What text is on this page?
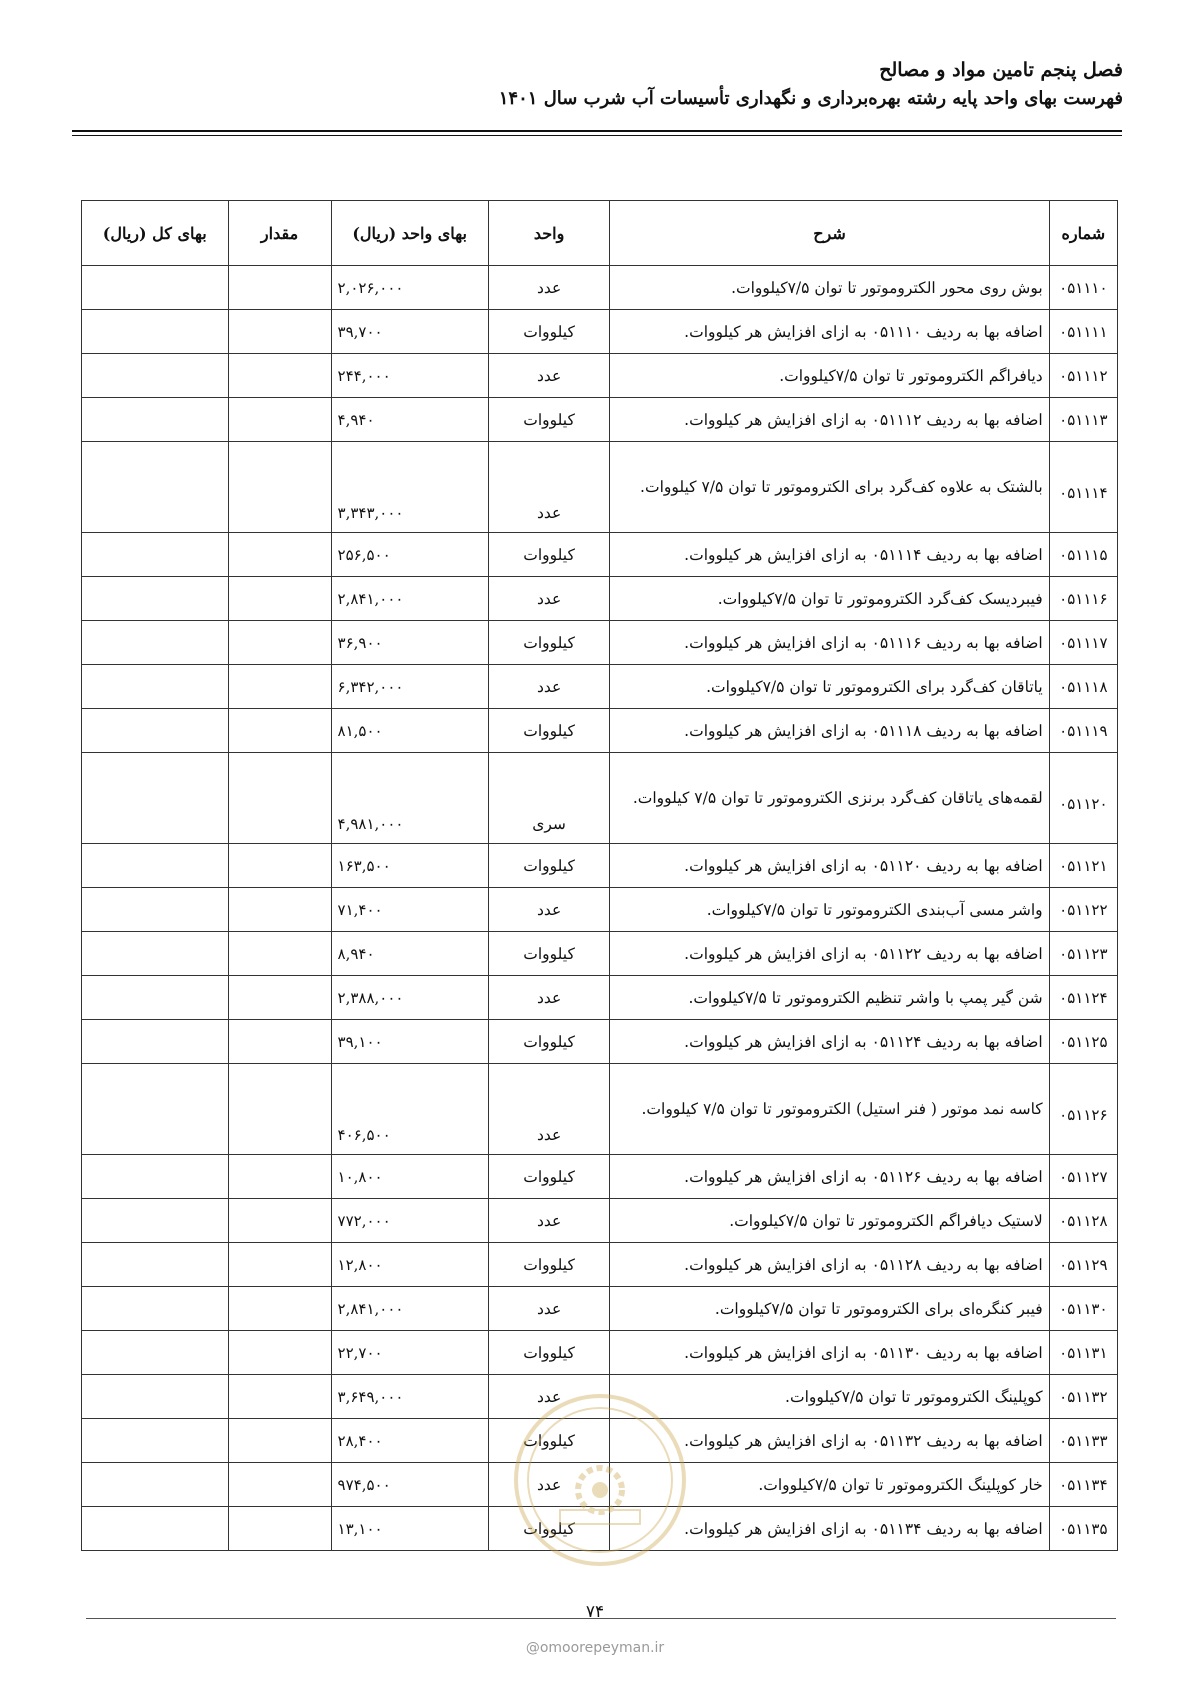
فصل پنجم تامین مواد و مصالح
فهرست بهای واحد پایه رشته بهره‌برداری و نگهداری تأسیسات آب شرب سال ۱۴۰۱
شماره	شرح	واحد	بهای واحد (ریال)	مقدار	بهای کل (ریال)
۰۵۱۱۱۰	بوش روی محور الکتروموتور تا توان ۷/۵کیلووات.	عدد	۲,۰۲۶,۰۰۰		
۰۵۱۱۱۱	اضافه بها به ردیف ۰۵۱۱۱۰ به ازای افزایش هر کیلووات.	کیلووات	۳۹,۷۰۰		
۰۵۱۱۱۲	دیافراگم الکتروموتور تا توان ۷/۵کیلووات.	عدد	۲۴۴,۰۰۰		
۰۵۱۱۱۳	اضافه بها به ردیف ۰۵۱۱۱۲ به ازای افزایش هر کیلووات.	کیلووات	۴,۹۴۰		
۰۵۱۱۱۴	بالشتک به علاوه کف‌گرد برای الکتروموتور تا توان ۷/۵ کیلووات.	عدد	۳,۳۴۳,۰۰۰		
۰۵۱۱۱۵	اضافه بها به ردیف ۰۵۱۱۱۴ به ازای افزایش هر کیلووات.	کیلووات	۲۵۶,۵۰۰		
۰۵۱۱۱۶	فیبردیسک کف‌گرد الکتروموتور تا توان ۷/۵کیلووات.	عدد	۲,۸۴۱,۰۰۰		
۰۵۱۱۱۷	اضافه بها به ردیف ۰۵۱۱۱۶ به ازای افزایش هر کیلووات.	کیلووات	۳۶,۹۰۰		
۰۵۱۱۱۸	یاتاقان کف‌گرد برای الکتروموتور تا توان ۷/۵کیلووات.	عدد	۶,۳۴۲,۰۰۰		
۰۵۱۱۱۹	اضافه بها به ردیف ۰۵۱۱۱۸ به ازای افزایش هر کیلووات.	کیلووات	۸۱,۵۰۰		
۰۵۱۱۲۰	لقمه‌های یاتاقان کف‌گرد برنزی الکتروموتور تا توان ۷/۵ کیلووات.	سری	۴,۹۸۱,۰۰۰		
۰۵۱۱۲۱	اضافه بها به ردیف ۰۵۱۱۲۰ به ازای افزایش هر کیلووات.	کیلووات	۱۶۳,۵۰۰		
۰۵۱۱۲۲	واشر مسی آب‌بندی الکتروموتور تا توان ۷/۵کیلووات.	عدد	۷۱,۴۰۰		
۰۵۱۱۲۳	اضافه بها به ردیف ۰۵۱۱۲۲ به ازای افزایش هر کیلووات.	کیلووات	۸,۹۴۰		
۰۵۱۱۲۴	شن گیر پمپ با واشر تنظیم الکتروموتور تا ۷/۵کیلووات.	عدد	۲,۳۸۸,۰۰۰		
۰۵۱۱۲۵	اضافه بها به ردیف ۰۵۱۱۲۴ به ازای افزایش هر کیلووات.	کیلووات	۳۹,۱۰۰		
۰۵۱۱۲۶	کاسه نمد موتور ( فنر استیل) الکتروموتور تا توان ۷/۵ کیلووات.	عدد	۴۰۶,۵۰۰		
۰۵۱۱۲۷	اضافه بها به ردیف ۰۵۱۱۲۶ به ازای افزایش هر کیلووات.	کیلووات	۱۰,۸۰۰		
۰۵۱۱۲۸	لاستیک دیافراگم الکتروموتور تا توان ۷/۵کیلووات.	عدد	۷۷۲,۰۰۰		
۰۵۱۱۲۹	اضافه بها به ردیف ۰۵۱۱۲۸ به ازای افزایش هر کیلووات.	کیلووات	۱۲,۸۰۰		
۰۵۱۱۳۰	فیبر کنگره‌ای برای الکتروموتور تا توان ۷/۵کیلووات.	عدد	۲,۸۴۱,۰۰۰		
۰۵۱۱۳۱	اضافه بها به ردیف ۰۵۱۱۳۰ به ازای افزایش هر کیلووات.	کیلووات	۲۲,۷۰۰		
۰۵۱۱۳۲	کوپلینگ الکتروموتور تا توان ۷/۵کیلووات.	عدد	۳,۶۴۹,۰۰۰		
۰۵۱۱۳۳	اضافه بها به ردیف ۰۵۱۱۳۲ به ازای افزایش هر کیلووات.	کیلووات	۲۸,۴۰۰		
۰۵۱۱۳۴	خار کوپلینگ الکتروموتور تا توان ۷/۵کیلووات.	عدد	۹۷۴,۵۰۰		
۰۵۱۱۳۵	اضافه بها به ردیف ۰۵۱۱۳۴ به ازای افزایش هر کیلووات.	کیلووات	۱۳,۱۰۰		
۷۴
@omoorepeyman.ir
